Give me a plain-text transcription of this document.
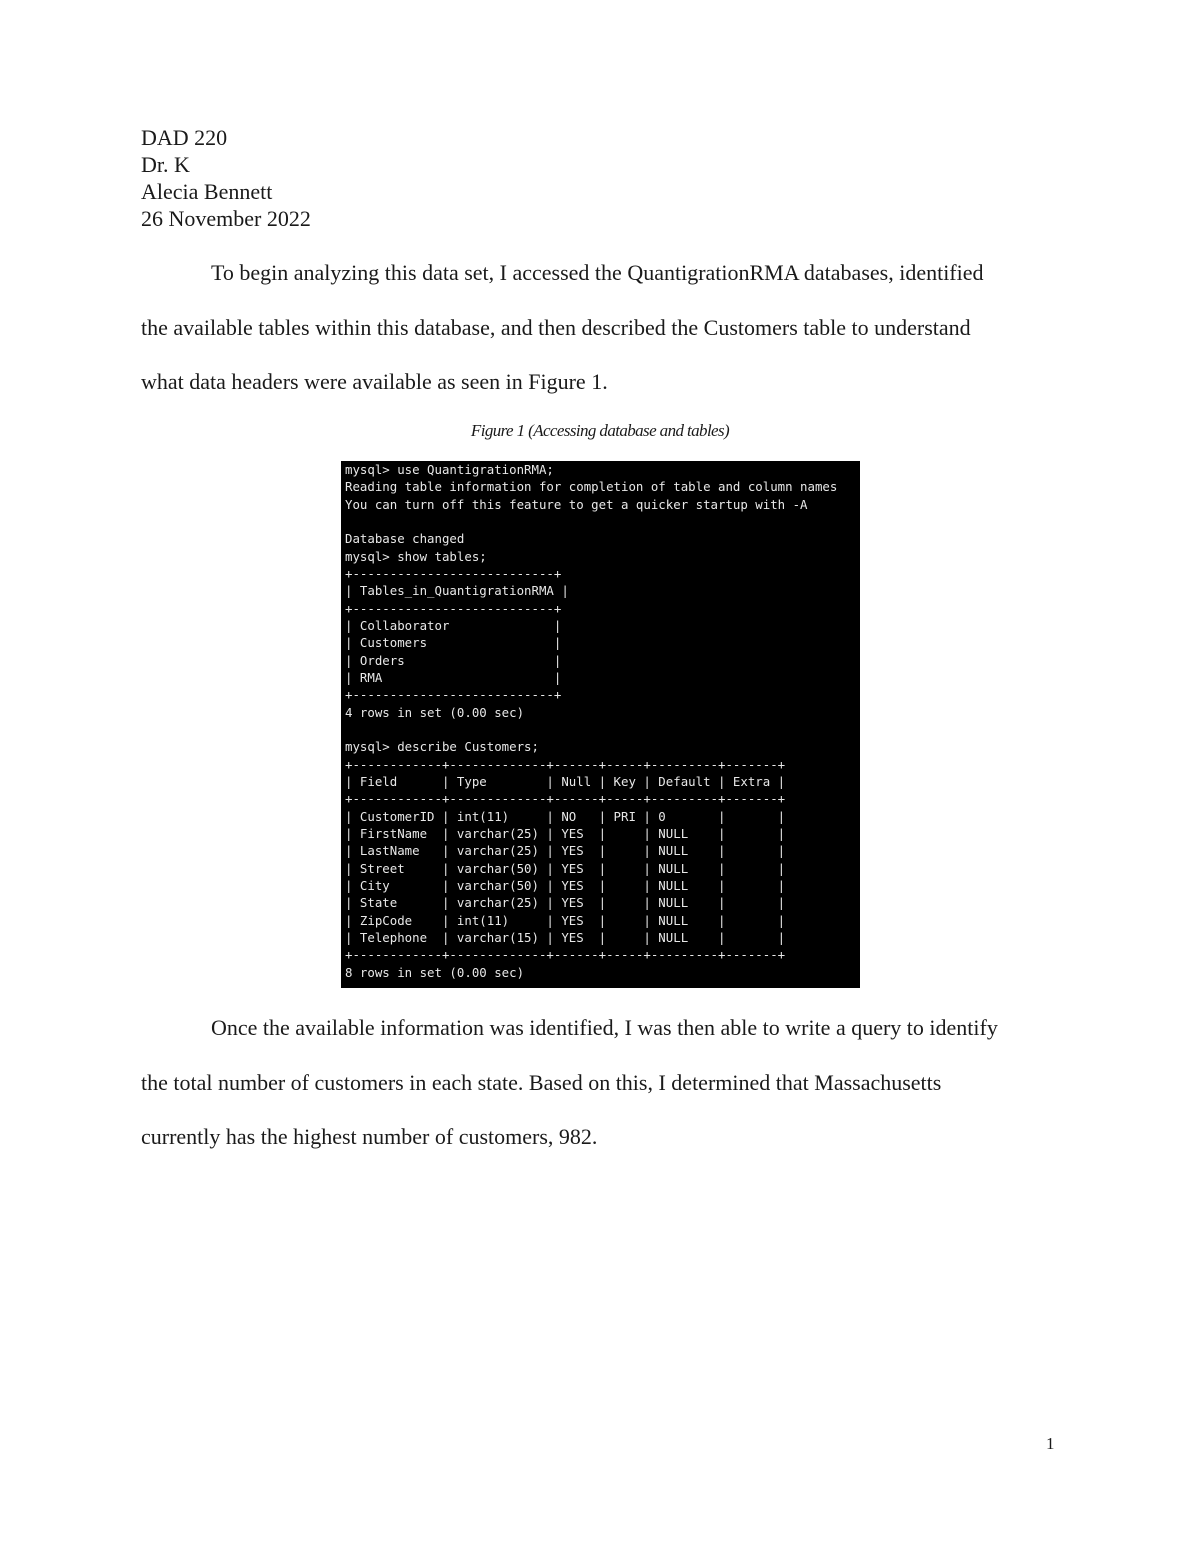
DAD 220
Dr. K
Alecia Bennett
26 November 2022
To begin analyzing this data set, I accessed the QuantigrationRMA databases, identified
the available tables within this database, and then described the Customers table to understand
what data headers were available as seen in Figure 1.
Figure 1 (Accessing database and tables)
mysql> use QuantigrationRMA;
Reading table information for completion of table and column names
You can turn off this feature to get a quicker startup with -A
Database changed
mysql> show tables;
+---------------------------+
| Tables_in_QuantigrationRMA |
+---------------------------+
| Collaborator              |
| Customers                 |
| Orders                    |
| RMA                       |
+---------------------------+
4 rows in set (0.00 sec)
mysql> describe Customers;
+------------+-------------+------+-----+---------+-------+
| Field      | Type        | Null | Key | Default | Extra |
+------------+-------------+------+-----+---------+-------+
| CustomerID | int(11)     | NO   | PRI | 0       |       |
| FirstName  | varchar(25) | YES  |     | NULL    |       |
| LastName   | varchar(25) | YES  |     | NULL    |       |
| Street     | varchar(50) | YES  |     | NULL    |       |
| City       | varchar(50) | YES  |     | NULL    |       |
| State      | varchar(25) | YES  |     | NULL    |       |
| ZipCode    | int(11)     | YES  |     | NULL    |       |
| Telephone  | varchar(15) | YES  |     | NULL    |       |
+------------+-------------+------+-----+---------+-------+
8 rows in set (0.00 sec)
Once the available information was identified, I was then able to write a query to identify
the total number of customers in each state. Based on this, I determined that Massachusetts
currently has the highest number of customers, 982.
1
